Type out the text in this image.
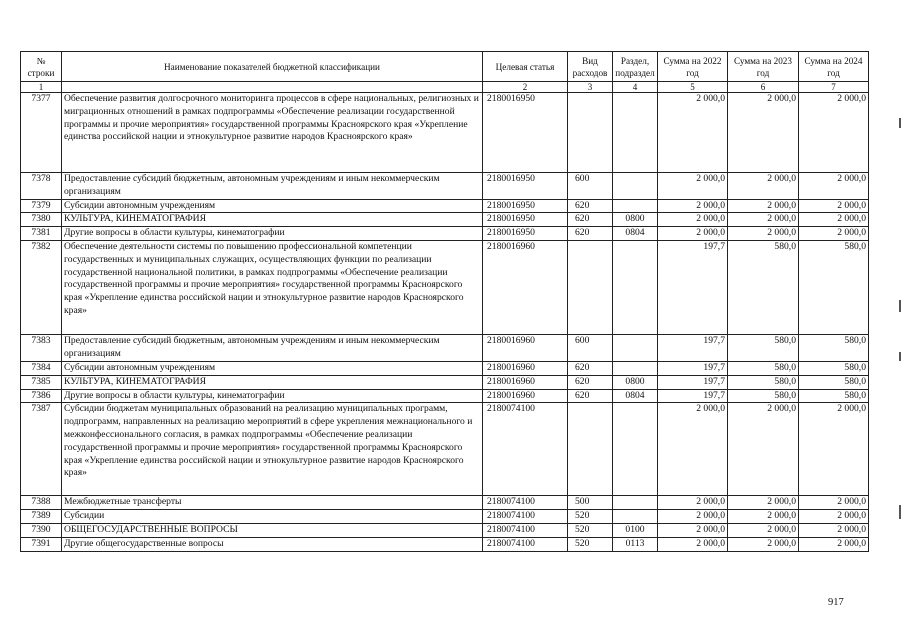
№ строки	Наименование показателей бюджетной классификации	Целевая статья	Вид расходов	Раздел, подраздел	Сумма на 2022 год	Сумма на 2023 год	Сумма на 2024 год
1		2	3	4	5	6	7
7377	Обеспечение развития долгосрочного мониторинга процессов в сфере национальных, религиозных и миграционных отношений в рамках подпрограммы «Обеспечение реализации государственной программы и прочие мероприятия» государственной программы Красноярского края «Укрепление единства российской нации и этнокультурное развитие народов Красноярского края»	2180016950			2 000,0	2 000,0	2 000,0
7378	Предоставление субсидий бюджетным, автономным учреждениям и иным некоммерческим организациям	2180016950	600		2 000,0	2 000,0	2 000,0
7379	Субсидии автономным учреждениям	2180016950	620		2 000,0	2 000,0	2 000,0
7380	КУЛЬТУРА, КИНЕМАТОГРАФИЯ	2180016950	620	0800	2 000,0	2 000,0	2 000,0
7381	Другие вопросы в области культуры, кинематографии	2180016950	620	0804	2 000,0	2 000,0	2 000,0
7382	Обеспечение деятельности системы по повышению профессиональной компетенции государственных и муниципальных служащих, осуществляющих функции по реализации государственной национальной политики, в рамках подпрограммы «Обеспечение реализации государственной программы и прочие мероприятия» государственной программы Красноярского края «Укрепление единства российской нации и этнокультурное развитие народов Красноярского края»	2180016960			197,7	580,0	580,0
7383	Предоставление субсидий бюджетным, автономным учреждениям и иным некоммерческим организациям	2180016960	600		197,7	580,0	580,0
7384	Субсидии автономным учреждениям	2180016960	620		197,7	580,0	580,0
7385	КУЛЬТУРА, КИНЕМАТОГРАФИЯ	2180016960	620	0800	197,7	580,0	580,0
7386	Другие вопросы в области культуры, кинематографии	2180016960	620	0804	197,7	580,0	580,0
7387	Субсидии бюджетам муниципальных образований на реализацию муниципальных программ, подпрограмм, направленных на реализацию мероприятий в сфере укрепления межнационального и межконфессионального согласия, в рамках подпрограммы «Обеспечение реализации государственной программы и прочие мероприятия» государственной программы Красноярского края «Укрепление единства российской нации и этнокультурное развитие народов Красноярского края»	2180074100			2 000,0	2 000,0	2 000,0
7388	Межбюджетные трансферты	2180074100	500		2 000,0	2 000,0	2 000,0
7389	Субсидии	2180074100	520		2 000,0	2 000,0	2 000,0
7390	ОБЩЕГОСУДАРСТВЕННЫЕ ВОПРОСЫ	2180074100	520	0100	2 000,0	2 000,0	2 000,0
7391	Другие общегосударственные вопросы	2180074100	520	0113	2 000,0	2 000,0	2 000,0
917
